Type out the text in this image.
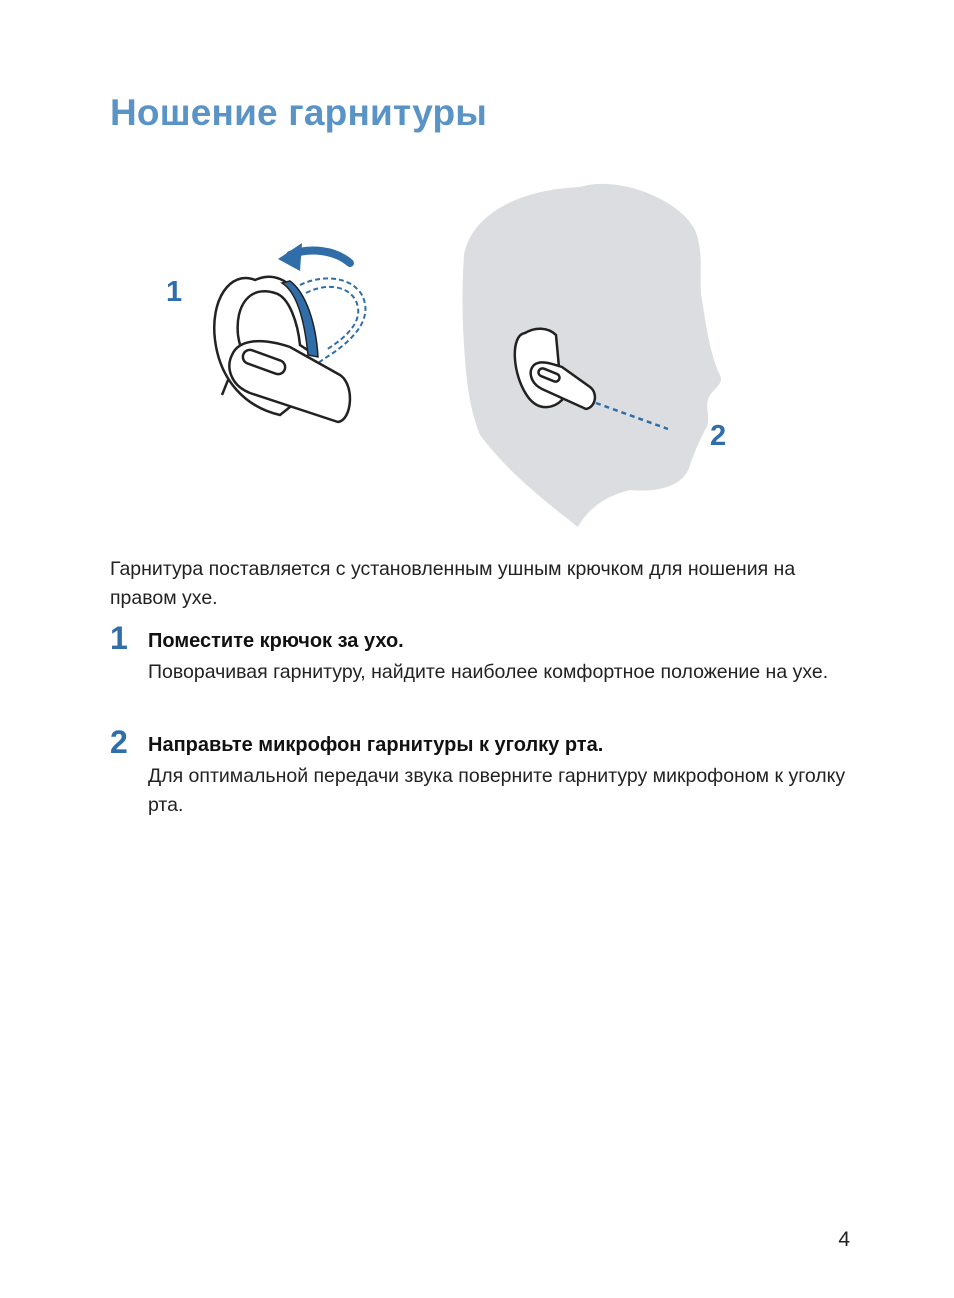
Ношение гарнитуры
1
2

Гарнитура поставляется с установленным ушным крючком для ношения на правом ухе.

1	Поместите крючок за ухо.

Поворачивая гарнитуру, найдите наиболее комфортное положение на ухе.

2	Направьте микрофон гарнитуры к уголку рта.

Для оптимальной передачи звука поверните гарнитуру микрофоном к уголку рта.

4
